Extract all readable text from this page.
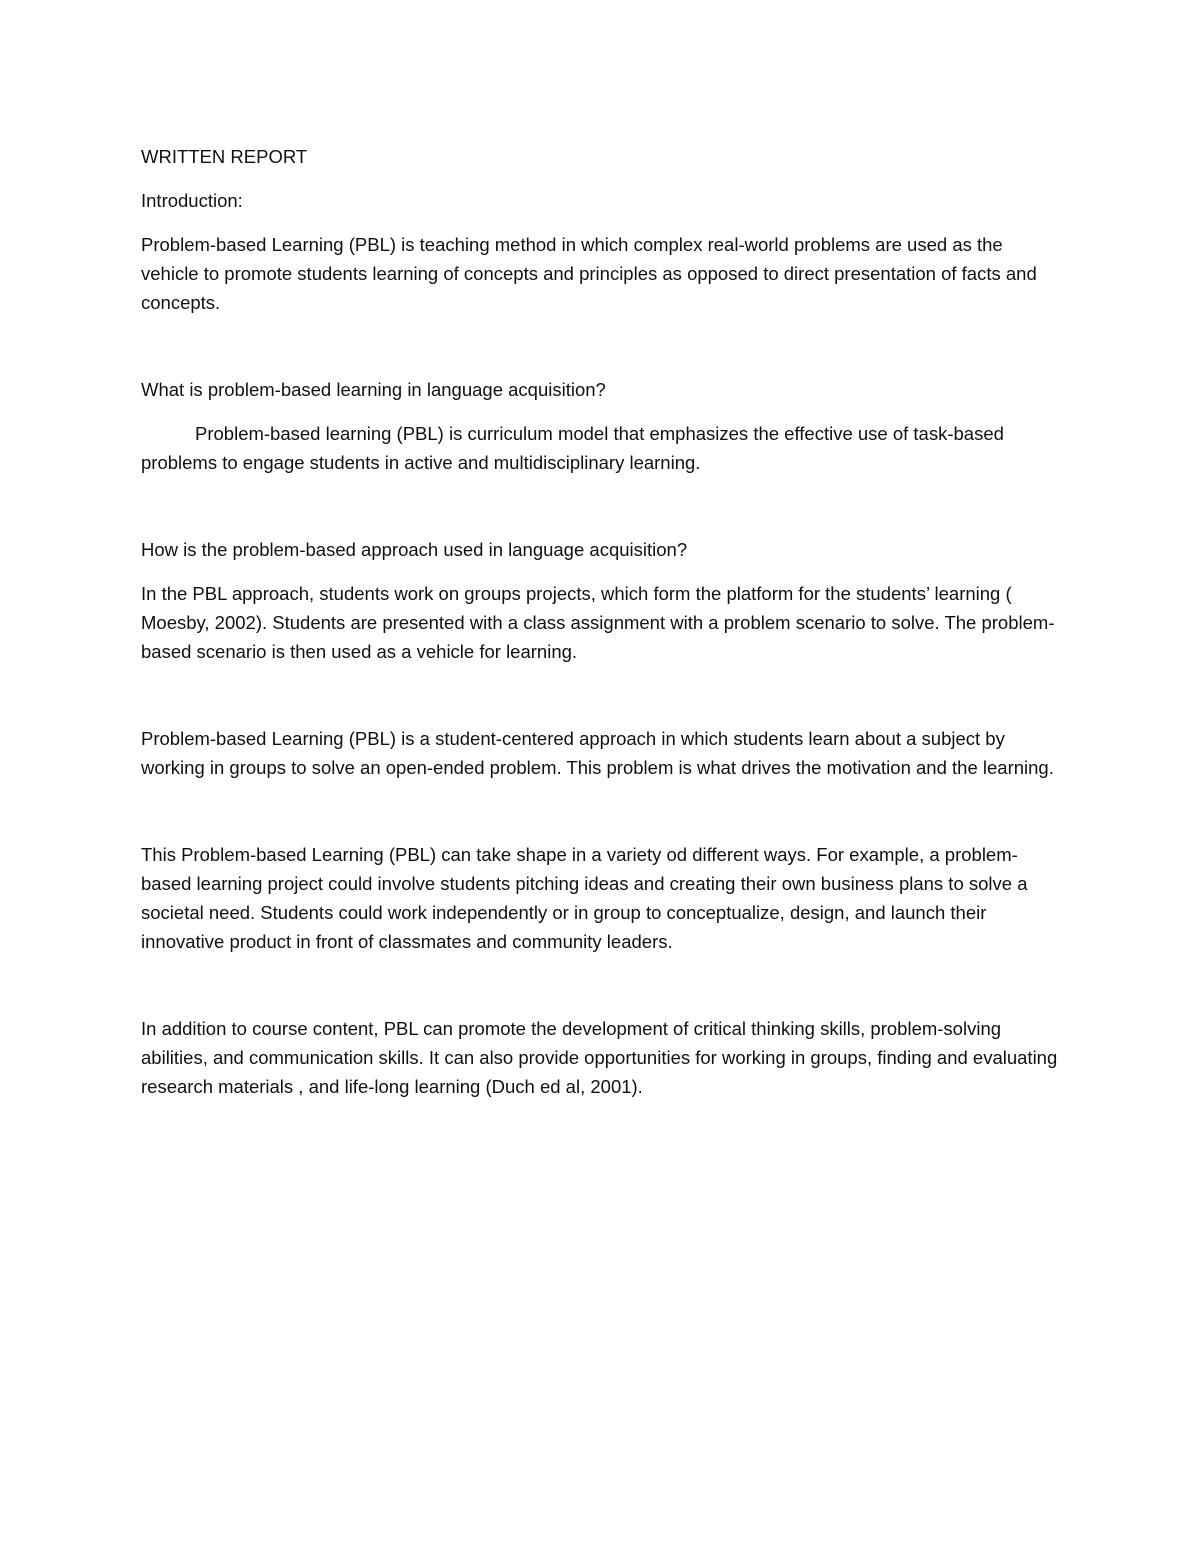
WRITTEN REPORT

Introduction:

Problem-based Learning (PBL) is teaching method in which complex real-world problems are used as the vehicle to promote students learning of concepts and principles as opposed to direct presentation of facts and concepts.

What is problem-based learning in language acquisition?

Problem-based learning (PBL) is curriculum model that emphasizes the effective use of task-based problems to engage students in active and multidisciplinary learning.

How is the problem-based approach used in language acquisition?

In the PBL approach, students work on groups projects, which form the platform for the students’ learning ( Moesby, 2002). Students are presented with a class assignment with a problem scenario to solve. The problem-based scenario is then used as a vehicle for learning.

Problem-based Learning (PBL) is a student-centered approach in which students learn about a subject by working in groups to solve an open-ended problem. This problem is what drives the motivation and the learning.

This Problem-based Learning (PBL) can take shape in a variety od different ways. For example, a problem-based learning project could involve students pitching ideas and creating their own business plans to solve a societal need. Students could work independently or in group to conceptualize, design, and launch their innovative product in front of classmates and community leaders.

In addition to course content, PBL can promote the development of critical thinking skills, problem-solving abilities, and communication skills. It can also provide opportunities for working in groups, finding and evaluating research materials , and life-long learning (Duch ed al, 2001).
